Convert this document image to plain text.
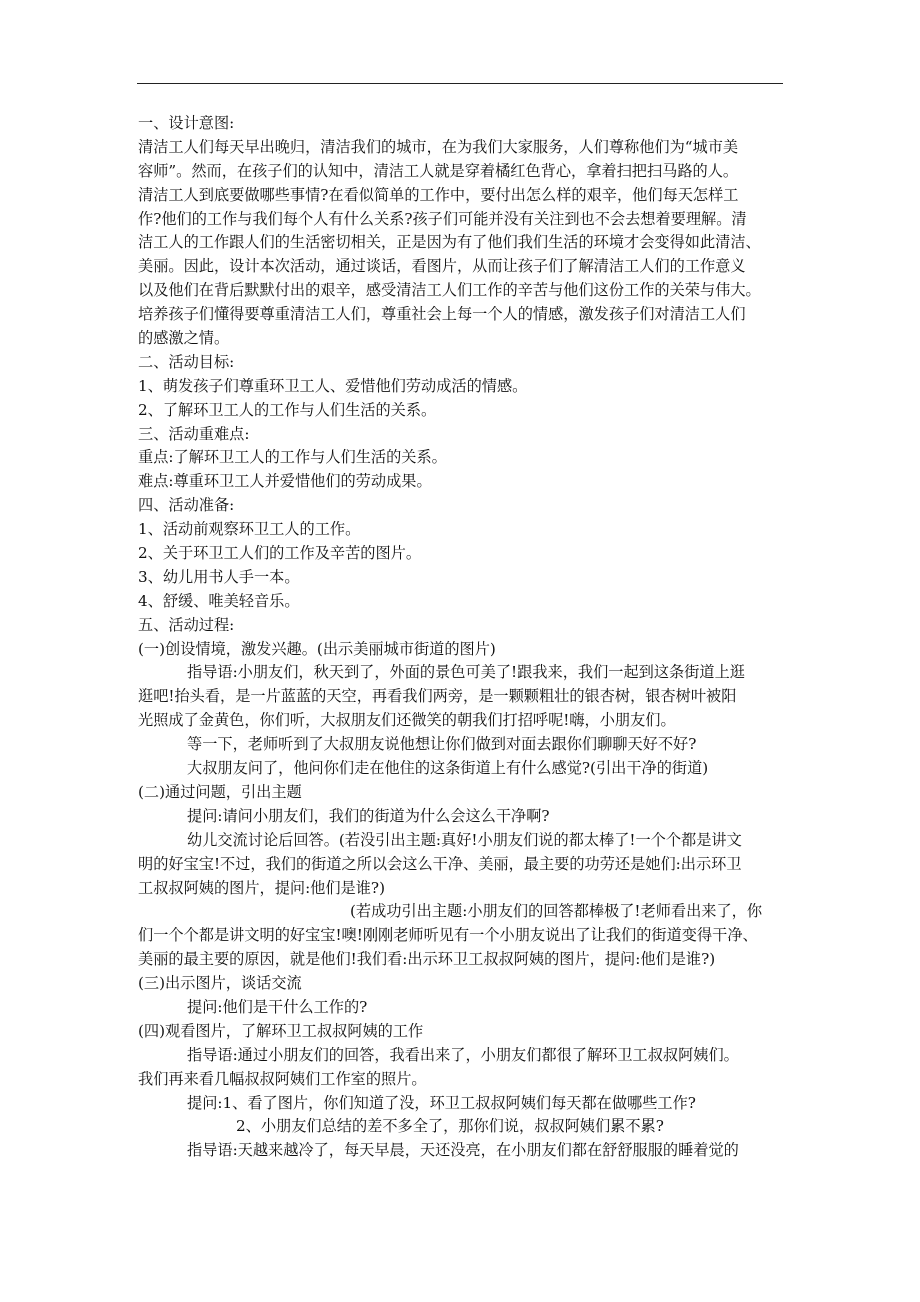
一、设计意图:
清洁工人们每天早出晚归，清洁我们的城市，在为我们大家服务，人们尊称他们为“城市美
容师”。然而，在孩子们的认知中，清洁工人就是穿着橘红色背心，拿着扫把扫马路的人。
清洁工人到底要做哪些事情?在看似简单的工作中，要付出怎么样的艰辛，他们每天怎样工
作?他们的工作与我们每个人有什么关系?孩子们可能并没有关注到也不会去想着要理解。清
洁工人的工作跟人们的生活密切相关，正是因为有了他们我们生活的环境才会变得如此清洁、
美丽。因此，设计本次活动，通过谈话，看图片，从而让孩子们了解清洁工人们的工作意义
以及他们在背后默默付出的艰辛，感受清洁工人们工作的辛苦与他们这份工作的关荣与伟大。
培养孩子们懂得要尊重清洁工人们，尊重社会上每一个人的情感，激发孩子们对清洁工人们
的感激之情。
二、活动目标:
1、萌发孩子们尊重环卫工人、爱惜他们劳动成活的情感。
2、了解环卫工人的工作与人们生活的关系。
三、活动重难点:
重点:了解环卫工人的工作与人们生活的关系。
难点:尊重环卫工人并爱惜他们的劳动成果。
四、活动准备:
1、活动前观察环卫工人的工作。
2、关于环卫工人们的工作及辛苦的图片。
3、幼儿用书人手一本。
4、舒缓、唯美轻音乐。
五、活动过程:
(一)创设情境，激发兴趣。(出示美丽城市街道的图片)
指导语:小朋友们，秋天到了，外面的景色可美了!跟我来，我们一起到这条街道上逛
逛吧!抬头看，是一片蓝蓝的天空，再看我们两旁，是一颗颗粗壮的银杏树，银杏树叶被阳
光照成了金黄色，你们听，大叔朋友们还微笑的朝我们打招呼呢!嗨，小朋友们。
等一下，老师听到了大叔朋友说他想让你们做到对面去跟你们聊聊天好不好?
大叔朋友问了，他问你们走在他住的这条街道上有什么感觉?(引出干净的街道)
(二)通过问题，引出主题
提问:请问小朋友们，我们的街道为什么会这么干净啊?
幼儿交流讨论后回答。(若没引出主题:真好!小朋友们说的都太棒了!一个个都是讲文
明的好宝宝!不过，我们的街道之所以会这么干净、美丽，最主要的功劳还是她们:出示环卫
工叔叔阿姨的图片，提问:他们是谁?)
(若成功引出主题:小朋友们的回答都棒极了!老师看出来了，你
们一个个都是讲文明的好宝宝!噢!刚刚老师听见有一个小朋友说出了让我们的街道变得干净、
美丽的最主要的原因，就是他们!我们看:出示环卫工叔叔阿姨的图片，提问:他们是谁?)
(三)出示图片，谈话交流
提问:他们是干什么工作的?
(四)观看图片，了解环卫工叔叔阿姨的工作
指导语:通过小朋友们的回答，我看出来了，小朋友们都很了解环卫工叔叔阿姨们。
我们再来看几幅叔叔阿姨们工作室的照片。
提问:1、看了图片，你们知道了没，环卫工叔叔阿姨们每天都在做哪些工作?
2、小朋友们总结的差不多全了，那你们说，叔叔阿姨们累不累?
指导语:天越来越冷了，每天早晨，天还没亮，在小朋友们都在舒舒服服的睡着觉的
